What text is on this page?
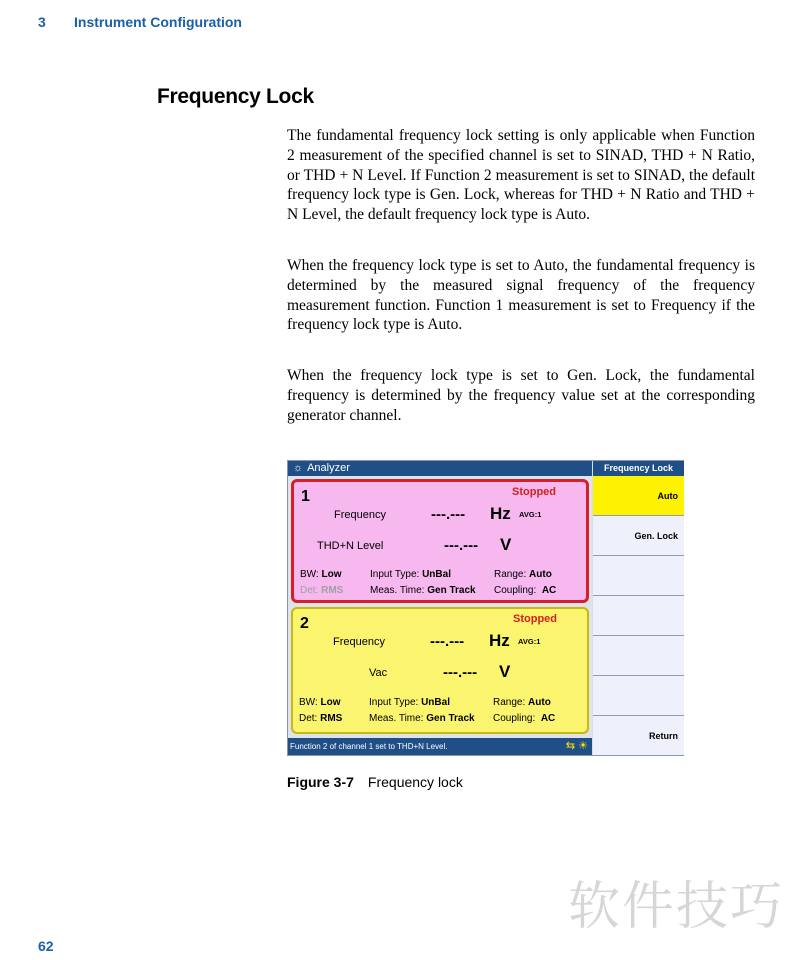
3 Instrument Configuration
Frequency Lock

The fundamental frequency lock setting is only applicable when Function 2 measurement of the specified channel is set to SINAD, THD + N Ratio, or THD + N Level. If Function 2 measurement is set to SINAD, the default frequency lock type is Gen. Lock, whereas for THD + N Ratio and THD + N Level, the default frequency lock type is Auto.

When the frequency lock type is set to Auto, the fundamental frequency is determined by the measured signal frequency of the frequency measurement function. Function 1 measurement is set to Frequency if the frequency lock type is Auto.

When the frequency lock type is set to Gen. Lock, the fundamental frequency is determined by the frequency value set at the corresponding generator channel.

☼ Analyzer	Frequency Lock
1	Stopped
Frequency	---.--- Hz AVG:1
THD+N Level	---.--- V
BW: Low	Input Type: UnBal	Range: Auto
Det: RMS	Meas. Time: Gen Track Coupling: AC
2	Stopped
Frequency	---.--- Hz AVG:1
Vac	---.--- V
BW: Low	Input Type: UnBal	Range: Auto
Det: RMS	Meas. Time: Gen Track Coupling: AC
Auto
Gen. Lock
Return
Function 2 of channel 1 set to THD+N Level.	⇆ ☀
Figure 3-7 Frequency lock
62
软件技巧
